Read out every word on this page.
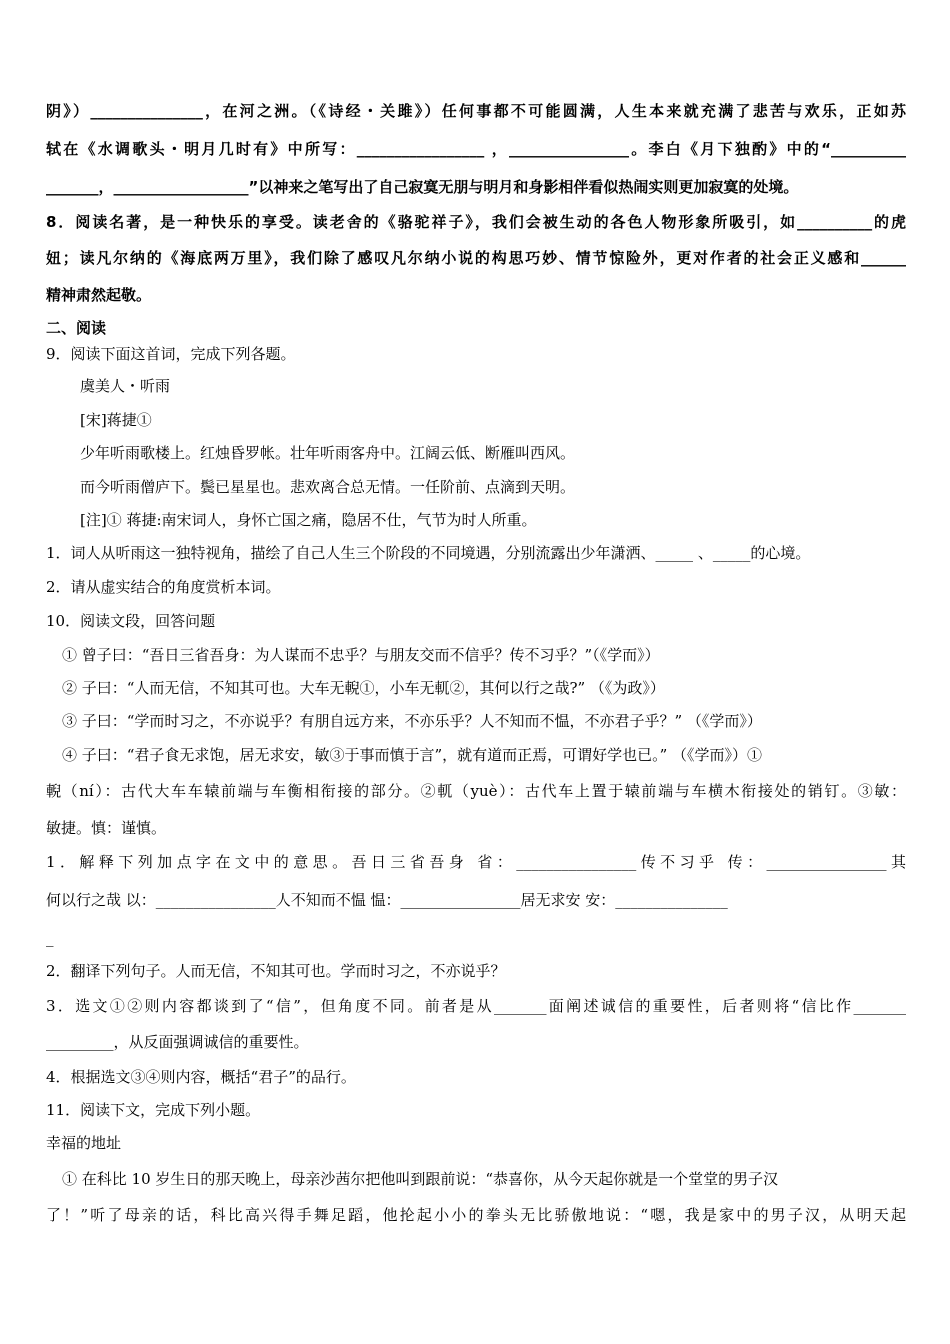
阴》）_______________，在河之洲。（《诗经・关雎》）任何事都不可能圆满，人生本来就充满了悲苦与欢乐，正如苏
轼在《水调歌头・明月几时有》中所写：_________________ ，________________。李白《月下独酌》中的“__________
_______，__________________”以神来之笔写出了自己寂寞无朋与明月和身影相伴看似热闹实则更加寂寞的处境。
8．阅读名著，是一种快乐的享受。读老舍的《骆驼祥子》，我们会被生动的各色人物形象所吸引，如__________的虎
妞；读凡尔纳的《海底两万里》，我们除了感叹凡尔纳小说的构思巧妙、情节惊险外，更对作者的社会正义感和______
精神肃然起敬。
二、阅读
9．阅读下面这首词，完成下列各题。
虞美人・听雨
[宋]蒋捷①
少年听雨歌楼上。红烛昏罗帐。壮年听雨客舟中。江阔云低、断雁叫西风。
而今听雨僧庐下。鬓已星星也。悲欢离合总无情。一任阶前、点滴到天明。
[注]① 蒋捷:南宋词人，身怀亡国之痛，隐居不仕，气节为时人所重。
1．词人从听雨这一独特视角，描绘了自己人生三个阶段的不同境遇，分别流露出少年潇洒、_____ 、_____的心境。
2．请从虚实结合的角度赏析本词。
10．阅读文段，回答问题
① 曾子曰：“吾日三省吾身：为人谋而不忠乎？与朋友交而不信乎？传不习乎？”（《学而》）
② 子曰：“人而无信，不知其可也。大车无輗①，小车无軏②，其何以行之哉?” （《为政》）
③ 子曰：“学而时习之，不亦说乎？有朋自远方来，不亦乐乎？人不知而不愠，不亦君子乎？” （《学而》）
④ 子曰：“君子食无求饱，居无求安，敏③于事而慎于言”，就有道而正焉，可谓好学也已。” （《学而》）①
輗（ní）：古代大车车辕前端与车衡相衔接的部分。②軏（yuè）：古代车上置于辕前端与车横木衔接处的销钉。③敏：
敏捷。慎：谨慎。
1．解释下列加点字在文中的意思。吾日三省吾身 省：________________传不习乎 传：________________其
何以行之哉 以：________________人不知而不愠 愠：________________居无求安 安：_______________
_
2．翻译下列句子。人而无信，不知其可也。学而时习之，不亦说乎？
3．选文①②则内容都谈到了“信”，但角度不同。前者是从_______面阐述诚信的重要性，后者则将“信比作_______
_________，从反面强调诚信的重要性。
4．根据选文③④则内容，概括“君子”的品行。
11．阅读下文，完成下列小题。
幸福的地址
① 在科比 10 岁生日的那天晚上，母亲沙茜尔把他叫到跟前说：“恭喜你，从今天起你就是一个堂堂的男子汉
了！”听了母亲的话，科比高兴得手舞足蹈，他抡起小小的拳头无比骄傲地说：“嗯，我是家中的男子汉，从明天起
